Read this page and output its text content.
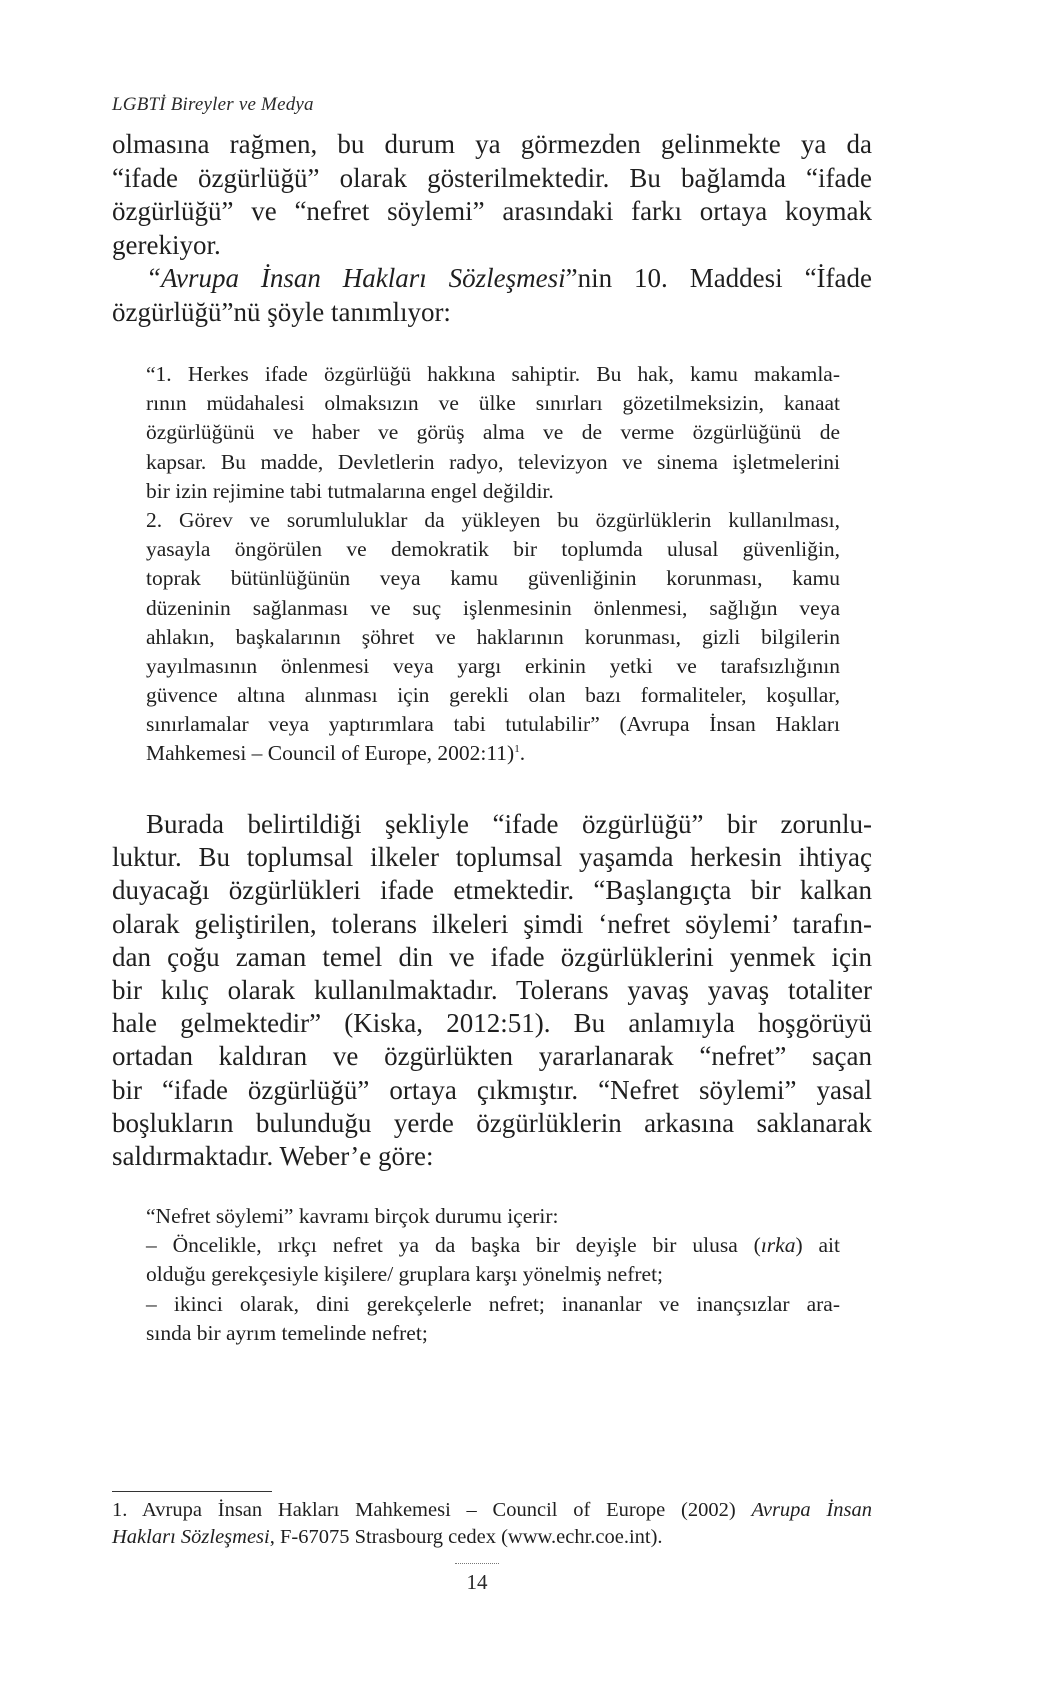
LGBTİ Bireyler ve Medya
olmasına rağmen, bu durum ya görmezden gelinmekte ya da
“ifade özgürlüğü” olarak gösterilmektedir. Bu bağlamda “ifade
özgürlüğü” ve “nefret söylemi” arasındaki farkı ortaya koymak
gerekiyor.
“Avrupa İnsan Hakları Sözleşmesi”nin 10. Maddesi “İfade
özgürlüğü”nü şöyle tanımlıyor:
“1. Herkes ifade özgürlüğü hakkına sahiptir. Bu hak, kamu makamla-
rının müdahalesi olmaksızın ve ülke sınırları gözetilmeksizin, kanaat
özgürlüğünü ve haber ve görüş alma ve de verme özgürlüğünü de
kapsar. Bu madde, Devletlerin radyo, televizyon ve sinema işletmelerini
bir izin rejimine tabi tutmalarına engel değildir.
2. Görev ve sorumluluklar da yükleyen bu özgürlüklerin kullanılması,
yasayla öngörülen ve demokratik bir toplumda ulusal güvenliğin,
toprak bütünlüğünün veya kamu güvenliğinin korunması, kamu
düzeninin sağlanması ve suç işlenmesinin önlenmesi, sağlığın veya
ahlakın, başkalarının şöhret ve haklarının korunması, gizli bilgilerin
yayılmasının önlenmesi veya yargı erkinin yetki ve tarafsızlığının
güvence altına alınması için gerekli olan bazı formaliteler, koşullar,
sınırlamalar veya yaptırımlara tabi tutulabilir” (Avrupa İnsan Hakları
Mahkemesi – Council of Europe, 2002:11)$^1$.
Burada belirtildiği şekliyle “ifade özgürlüğü” bir zorunlu-
luktur. Bu toplumsal ilkeler toplumsal yaşamda herkesin ihtiyaç
duyacağı özgürlükleri ifade etmektedir. “Başlangıçta bir kalkan
olarak geliştirilen, tolerans ilkeleri şimdi ‘nefret söylemi’ tarafın-
dan çoğu zaman temel din ve ifade özgürlüklerini yenmek için
bir kılıç olarak kullanılmaktadır. Tolerans yavaş yavaş totaliter
hale gelmektedir” (Kiska, 2012:51). Bu anlamıyla hoşgörüyü
ortadan kaldıran ve özgürlükten yararlanarak “nefret” saçan
bir “ifade özgürlüğü” ortaya çıkmıştır. “Nefret söylemi” yasal
boşlukların bulunduğu yerde özgürlüklerin arkasına saklanarak
saldırmaktadır. Weber’e göre:
“Nefret söylemi” kavramı birçok durumu içerir:
– Öncelikle, ırkçı nefret ya da başka bir deyişle bir ulusa (ırka) ait
olduğu gerekçesiyle kişilere/ gruplara karşı yönelmiş nefret;
– ikinci olarak, dini gerekçelerle nefret; inananlar ve inançsızlar ara-
sında bir ayrım temelinde nefret;
1. Avrupa İnsan Hakları Mahkemesi – Council of Europe (2002) Avrupa İnsan
Hakları Sözleşmesi, F-67075 Strasbourg cedex (www.echr.coe.int).
14
